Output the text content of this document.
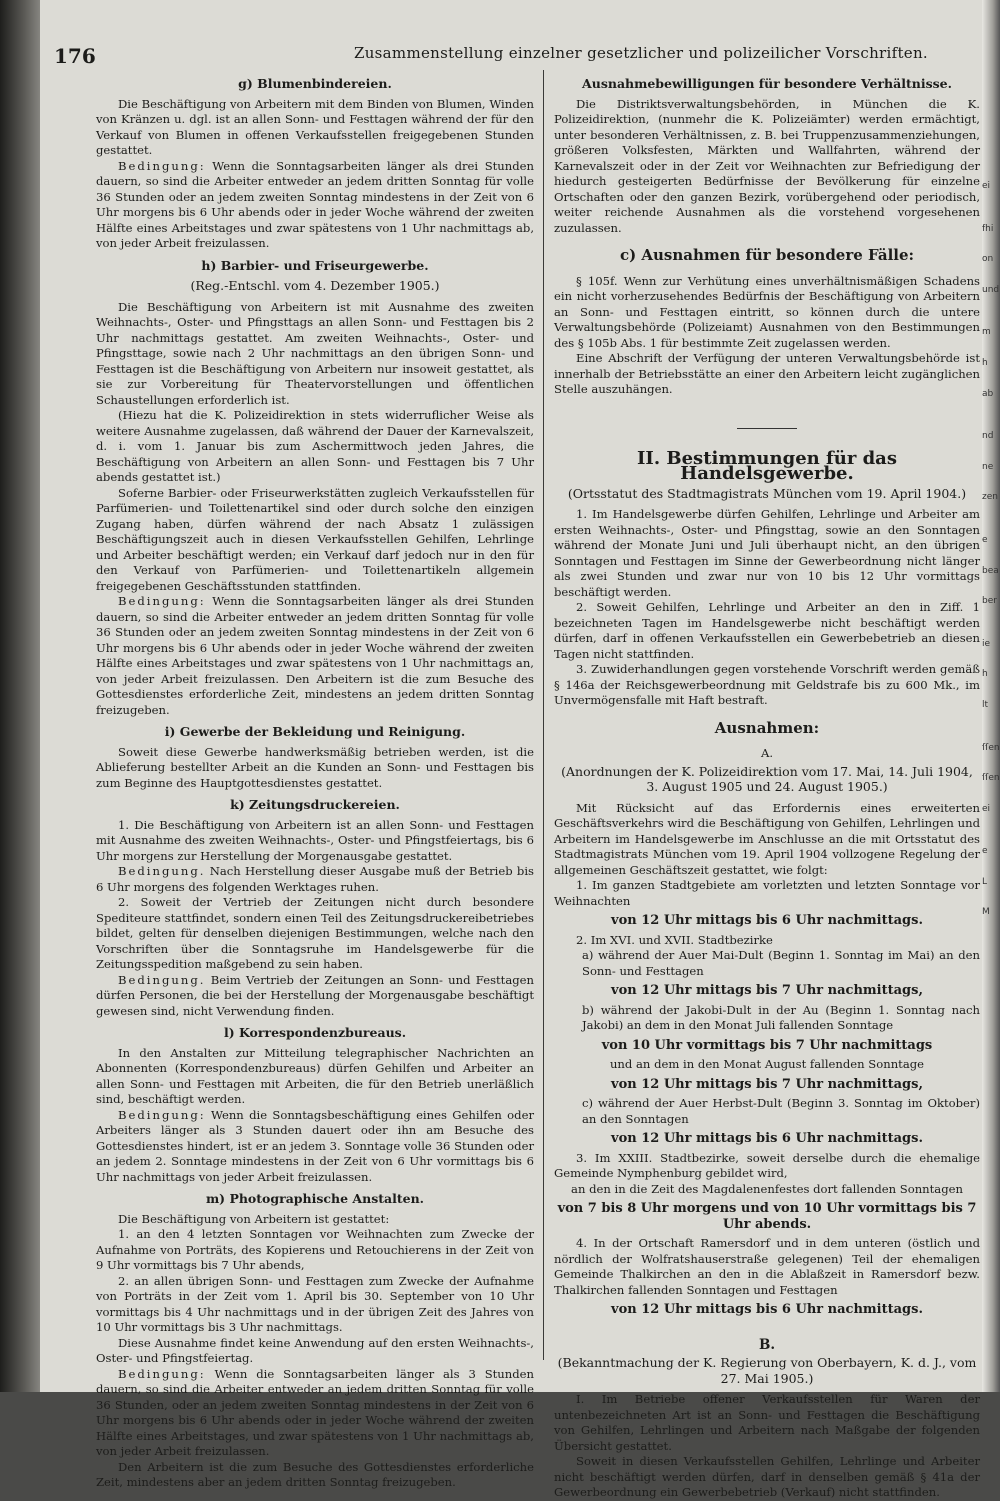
176	Zusammenstellung einzelner gesetzlicher und polizeilicher Vorschriften.
g) Blumenbindereien.

Die Beschäftigung von Arbeitern mit dem Binden von Blumen, Winden von Kränzen u. dgl. ist an allen Sonn- und Festtagen während der für den Verkauf von Blumen in offenen Verkaufsstellen freigegebenen Stunden gestattet.

Bedingung: Wenn die Sonntagsarbeiten länger als drei Stunden dauern, so sind die Arbeiter entweder an jedem dritten Sonntag für volle 36 Stunden oder an jedem zweiten Sonntag mindestens in der Zeit von 6 Uhr morgens bis 6 Uhr abends oder in jeder Woche während der zweiten Hälfte eines Arbeitstages und zwar spätestens von 1 Uhr nachmittags ab, von jeder Arbeit freizulassen.

h) Barbier- und Friseurgewerbe.
(Reg.-Entschl. vom 4. Dezember 1905.)

Die Beschäftigung von Arbeitern ist mit Ausnahme des zweiten Weihnachts-, Oster- und Pfingsttags an allen Sonn- und Festtagen bis 2 Uhr nachmittags gestattet. Am zweiten Weihnachts-, Oster- und Pfingsttage, sowie nach 2 Uhr nachmittags an den übrigen Sonn- und Festtagen ist die Beschäftigung von Arbeitern nur insoweit gestattet, als sie zur Vorbereitung für Theatervorstellungen und öffentlichen Schaustellungen erforderlich ist.

(Hiezu hat die K. Polizeidirektion in stets widerruflicher Weise als weitere Ausnahme zugelassen, daß während der Dauer der Karnevalszeit, d. i. vom 1. Januar bis zum Aschermittwoch jeden Jahres, die Beschäftigung von Arbeitern an allen Sonn- und Festtagen bis 7 Uhr abends gestattet ist.)

Soferne Barbier- oder Friseurwerkstätten zugleich Verkaufsstellen für Parfümerien- und Toilettenartikel sind oder durch solche den einzigen Zugang haben, dürfen während der nach Absatz 1 zulässigen Beschäftigungszeit auch in diesen Verkaufsstellen Gehilfen, Lehrlinge und Arbeiter beschäftigt werden; ein Verkauf darf jedoch nur in den für den Verkauf von Parfümerien- und Toilettenartikeln allgemein freigegebenen Geschäftsstunden stattfinden.

Bedingung: Wenn die Sonntagsarbeiten länger als drei Stunden dauern, so sind die Arbeiter entweder an jedem dritten Sonntag für volle 36 Stunden oder an jedem zweiten Sonntag mindestens in der Zeit von 6 Uhr morgens bis 6 Uhr abends oder in jeder Woche während der zweiten Hälfte eines Arbeitstages und zwar spätestens von 1 Uhr nachmittags an, von jeder Arbeit freizulassen. Den Arbeitern ist die zum Besuche des Gottesdienstes erforderliche Zeit, mindestens an jedem dritten Sonntag freizugeben.

i) Gewerbe der Bekleidung und Reinigung.

Soweit diese Gewerbe handwerksmäßig betrieben werden, ist die Ablieferung bestellter Arbeit an die Kunden an Sonn- und Festtagen bis zum Beginne des Hauptgottesdienstes gestattet.

k) Zeitungsdruckereien.

1. Die Beschäftigung von Arbeitern ist an allen Sonn- und Festtagen mit Ausnahme des zweiten Weihnachts-, Oster- und Pfingstfeiertags, bis 6 Uhr morgens zur Herstellung der Morgenausgabe gestattet.

Bedingung. Nach Herstellung dieser Ausgabe muß der Betrieb bis 6 Uhr morgens des folgenden Werktages ruhen.

2. Soweit der Vertrieb der Zeitungen nicht durch besondere Spediteure stattfindet, sondern einen Teil des Zeitungsdruckereibetriebes bildet, gelten für denselben diejenigen Bestimmungen, welche nach den Vorschriften über die Sonntagsruhe im Handelsgewerbe für die Zeitungsspedition maßgebend zu sein haben.

Bedingung. Beim Vertrieb der Zeitungen an Sonn- und Festtagen dürfen Personen, die bei der Herstellung der Morgenausgabe beschäftigt gewesen sind, nicht Verwendung finden.

l) Korrespondenzbureaus.

In den Anstalten zur Mitteilung telegraphischer Nachrichten an Abonnenten (Korrespondenzbureaus) dürfen Gehilfen und Arbeiter an allen Sonn- und Festtagen mit Arbeiten, die für den Betrieb unerläßlich sind, beschäftigt werden.

Bedingung: Wenn die Sonntagsbeschäftigung eines Gehilfen oder Arbeiters länger als 3 Stunden dauert oder ihn am Besuche des Gottesdienstes hindert, ist er an jedem 3. Sonntage volle 36 Stunden oder an jedem 2. Sonntage mindestens in der Zeit von 6 Uhr vormittags bis 6 Uhr nachmittags von jeder Arbeit freizulassen.

m) Photographische Anstalten.

Die Beschäftigung von Arbeitern ist gestattet:

1. an den 4 letzten Sonntagen vor Weihnachten zum Zwecke der Aufnahme von Porträts, des Kopierens und Retouchierens in der Zeit von 9 Uhr vormittags bis 7 Uhr abends,

2. an allen übrigen Sonn- und Festtagen zum Zwecke der Aufnahme von Porträts in der Zeit vom 1. April bis 30. September von 10 Uhr vormittags bis 4 Uhr nachmittags und in der übrigen Zeit des Jahres von 10 Uhr vormittags bis 3 Uhr nachmittags.

Diese Ausnahme findet keine Anwendung auf den ersten Weihnachts-, Oster- und Pfingstfeiertag.

Bedingung: Wenn die Sonntagsarbeiten länger als 3 Stunden dauern, so sind die Arbeiter entweder an jedem dritten Sonntag für volle 36 Stunden, oder an jedem zweiten Sonntag mindestens in der Zeit von 6 Uhr morgens bis 6 Uhr abends oder in jeder Woche während der zweiten Hälfte eines Arbeitstages, und zwar spätestens von 1 Uhr nachmittags ab, von jeder Arbeit freizulassen.

Den Arbeitern ist die zum Besuche des Gottesdienstes erforderliche Zeit, mindestens aber an jedem dritten Sonntag freizugeben.

Ausnahmebewilligungen für besondere Verhältnisse.

Die Distriktsverwaltungsbehörden, in München die K. Polizeidirektion, (nunmehr die K. Polizeiämter) werden ermächtigt, unter besonderen Verhältnissen, z. B. bei Truppenzusammenziehungen, größeren Volksfesten, Märkten und Wallfahrten, während der Karnevalszeit oder in der Zeit vor Weihnachten zur Befriedigung der hiedurch gesteigerten Bedürfnisse der Bevölkerung für einzelne Ortschaften oder den ganzen Bezirk, vorübergehend oder periodisch, weiter reichende Ausnahmen als die vorstehend vorgesehenen zuzulassen.

c) Ausnahmen für besondere Fälle:

§ 105f. Wenn zur Verhütung eines unverhältnismäßigen Schadens ein nicht vorherzusehendes Bedürfnis der Beschäftigung von Arbeitern an Sonn- und Festtagen eintritt, so können durch die untere Verwaltungsbehörde (Polizeiamt) Ausnahmen von den Bestimmungen des § 105b Abs. 1 für bestimmte Zeit zugelassen werden.

Eine Abschrift der Verfügung der unteren Verwaltungsbehörde ist innerhalb der Betriebsstätte an einer den Arbeitern leicht zugänglichen Stelle auszuhängen.

II. Bestimmungen für das Handelsgewerbe.
(Ortsstatut des Stadtmagistrats München vom 19. April 1904.)

1. Im Handelsgewerbe dürfen Gehilfen, Lehrlinge und Arbeiter am ersten Weihnachts-, Oster- und Pfingsttag, sowie an den Sonntagen während der Monate Juni und Juli überhaupt nicht, an den übrigen Sonntagen und Festtagen im Sinne der Gewerbeordnung nicht länger als zwei Stunden und zwar nur von 10 bis 12 Uhr vormittags beschäftigt werden.

2. Soweit Gehilfen, Lehrlinge und Arbeiter an den in Ziff. 1 bezeichneten Tagen im Handelsgewerbe nicht beschäftigt werden dürfen, darf in offenen Verkaufsstellen ein Gewerbebetrieb an diesen Tagen nicht stattfinden.

3. Zuwiderhandlungen gegen vorstehende Vorschrift werden gemäß § 146a der Reichsgewerbeordnung mit Geldstrafe bis zu 600 Mk., im Unvermögensfalle mit Haft bestraft.

Ausnahmen:
A.
(Anordnungen der K. Polizeidirektion vom 17. Mai, 14. Juli 1904, 3. August 1905 und 24. August 1905.)

Mit Rücksicht auf das Erfordernis eines erweiterten Geschäftsverkehrs wird die Beschäftigung von Gehilfen, Lehrlingen und Arbeitern im Handelsgewerbe im Anschlusse an die mit Ortsstatut des Stadtmagistrats München vom 19. April 1904 vollzogene Regelung der allgemeinen Geschäftszeit gestattet, wie folgt:

1. Im ganzen Stadtgebiete am vorletzten und letzten Sonntage vor Weihnachten

von 12 Uhr mittags bis 6 Uhr nachmittags.

2. Im XVI. und XVII. Stadtbezirke

a) während der Auer Mai-Dult (Beginn 1. Sonntag im Mai) an den Sonn- und Festtagen

von 12 Uhr mittags bis 7 Uhr nachmittags,

b) während der Jakobi-Dult in der Au (Beginn 1. Sonntag nach Jakobi) an dem in den Monat Juli fallenden Sonntage

von 10 Uhr vormittags bis 7 Uhr nachmittags
und an dem in den Monat August fallenden Sonntage
von 12 Uhr mittags bis 7 Uhr nachmittags,

c) während der Auer Herbst-Dult (Beginn 3. Sonntag im Oktober) an den Sonntagen

von 12 Uhr mittags bis 6 Uhr nachmittags.

3. Im XXIII. Stadtbezirke, soweit derselbe durch die ehemalige Gemeinde Nymphenburg gebildet wird,

an den in die Zeit des Magdalenenfestes dort fallenden Sonntagen
von 7 bis 8 Uhr morgens und von 10 Uhr vormittags bis 7 Uhr abends.

4. In der Ortschaft Ramersdorf und in dem unteren (östlich und nördlich der Wolfratshauserstraße gelegenen) Teil der ehemaligen Gemeinde Thalkirchen an den in die Ablaßzeit in Ramersdorf bezw. Thalkirchen fallenden Sonntagen und Festtagen

von 12 Uhr mittags bis 6 Uhr nachmittags.
B.
(Bekanntmachung der K. Regierung von Oberbayern, K. d. J., vom 27. Mai 1905.)

I. Im Betriebe offener Verkaufsstellen für Waren der untenbezeichneten Art ist an Sonn- und Festtagen die Beschäftigung von Gehilfen, Lehrlingen und Arbeitern nach Maßgabe der folgenden Übersicht gestattet.

Soweit in diesen Verkaufsstellen Gehilfen, Lehrlinge und Arbeiter nicht beschäftigt werden dürfen, darf in denselben gemäß § 41a der Gewerbeordnung ein Gewerbebetrieb (Verkauf) nicht stattfinden.

ei
fhi
on
und
m
h
ab
nd
ne
zen
e
bea
ber
ie
h
lt
ſſen
ſſen
ei
e
L
M
